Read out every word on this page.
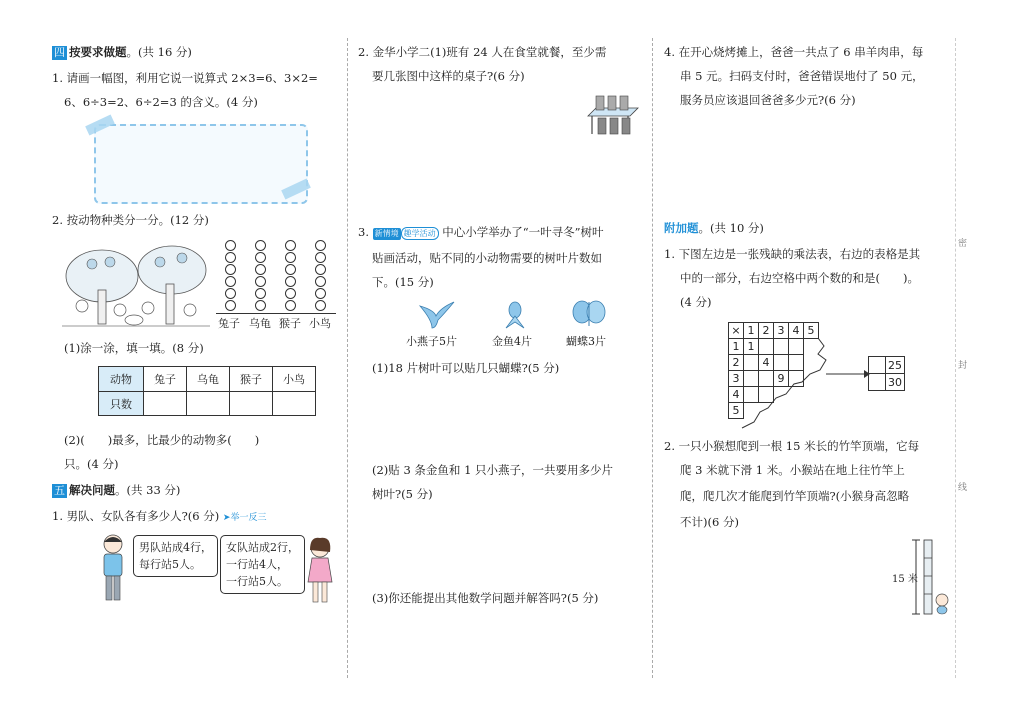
密
封
线
四 按要求做题。(共 16 分)
1. 请画一幅图，利用它说一说算式 2×3=6、3×2=
6、6÷3=2、6÷2=3 的含义。(4 分)
2. 按动物种类分一分。(12 分)
兔子 乌龟 猴子 小鸟
(1)涂一涂，填一填。(8 分)
动物	兔子	乌龟	猴子	小鸟
只数				
(2)(　　)最多，比最少的动物多(　　)
只。(4 分)
五 解决问题。(共 33 分)
1. 男队、女队各有多少人?(6 分) ➤举一反三
男队站成4行，
每行站5人。
女队站成2行，
一行站4人，
一行站5人。
2. 金华小学二(1)班有 24 人在食堂就餐，至少需
要几张图中这样的桌子?(6 分)
3. 新情境 趣学活动 中心小学举办了“一叶寻冬”树叶
贴画活动，贴不同的小动物需要的树叶片数如
下。(15 分)
小燕子5片	金鱼4片	蝴蝶3片
(1)18 片树叶可以贴几只蝴蝶?(5 分)
(2)贴 3 条金鱼和 1 只小燕子，一共要用多少片
树叶?(5 分)
(3)你还能提出其他数学问题并解答吗?(5 分)
4. 在开心烧烤摊上，爸爸一共点了 6 串羊肉串，每
串 5 元。扫码支付时，爸爸错误地付了 50 元，
服务员应该退回爸爸多少元?(6 分)
附加题。(共 10 分)
1. 下图左边是一张残缺的乘法表，右边的表格是其
中的一部分，右边空格中两个数的和是(　　)。
(4 分)
×	1	2	3	4	5
1	1				
2		4			
3			9		
4					
5					
	25
	30
2. 一只小猴想爬到一根 15 米长的竹竿顶端，它每
爬 3 米就下滑 1 米。小猴站在地上往竹竿上
爬，爬几次才能爬到竹竿顶端?(小猴身高忽略
不计)(6 分)
15 米
